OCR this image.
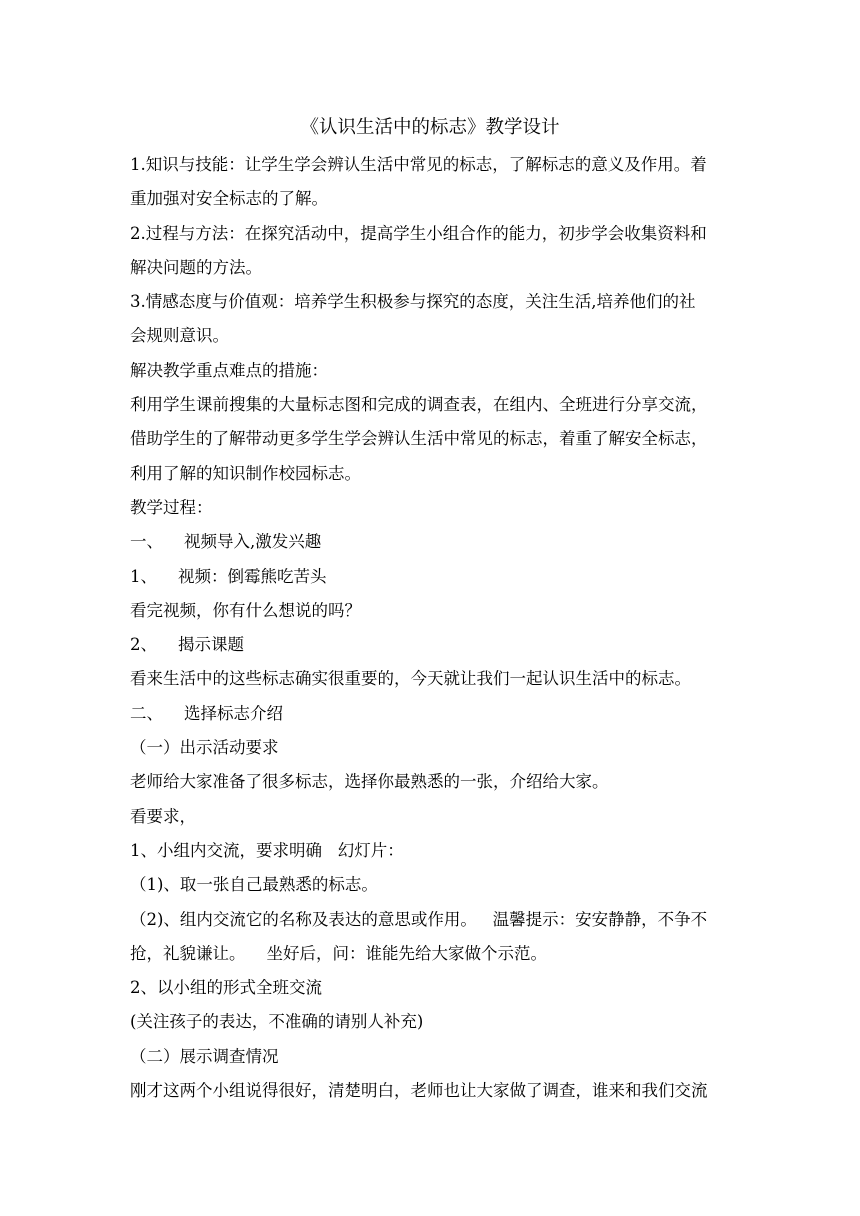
《认识生活中的标志》教学设计
1.知识与技能：让学生学会辨认生活中常见的标志，了解标志的意义及作用。着
重加强对安全标志的了解。
2.过程与方法：在探究活动中，提高学生小组合作的能力，初步学会收集资料和
解决问题的方法。
3.情感态度与价值观：培养学生积极参与探究的态度，关注生活,培养他们的社
会规则意识。
解决教学重点难点的措施：
利用学生课前搜集的大量标志图和完成的调查表，在组内、全班进行分享交流，
借助学生的了解带动更多学生学会辨认生活中常见的标志，着重了解安全标志，
利用了解的知识制作校园标志。
教学过程：
一、    视频导入,激发兴趣
1、    视频：倒霉熊吃苦头
看完视频，你有什么想说的吗？
2、    揭示课题
看来生活中的这些标志确实很重要的，今天就让我们一起认识生活中的标志。
二、    选择标志介绍
（一）出示活动要求
老师给大家准备了很多标志，选择你最熟悉的一张，介绍给大家。
看要求，
1、小组内交流，要求明确   幻灯片：
（1)、取一张自己最熟悉的标志。
（2)、组内交流它的名称及表达的意思或作用。   温馨提示：安安静静，不争不
抢，礼貌谦让。    坐好后，问：谁能先给大家做个示范。
2、以小组的形式全班交流
(关注孩子的表达，不准确的请别人补充)
（二）展示调查情况
刚才这两个小组说得很好，清楚明白，老师也让大家做了调查，谁来和我们交流
